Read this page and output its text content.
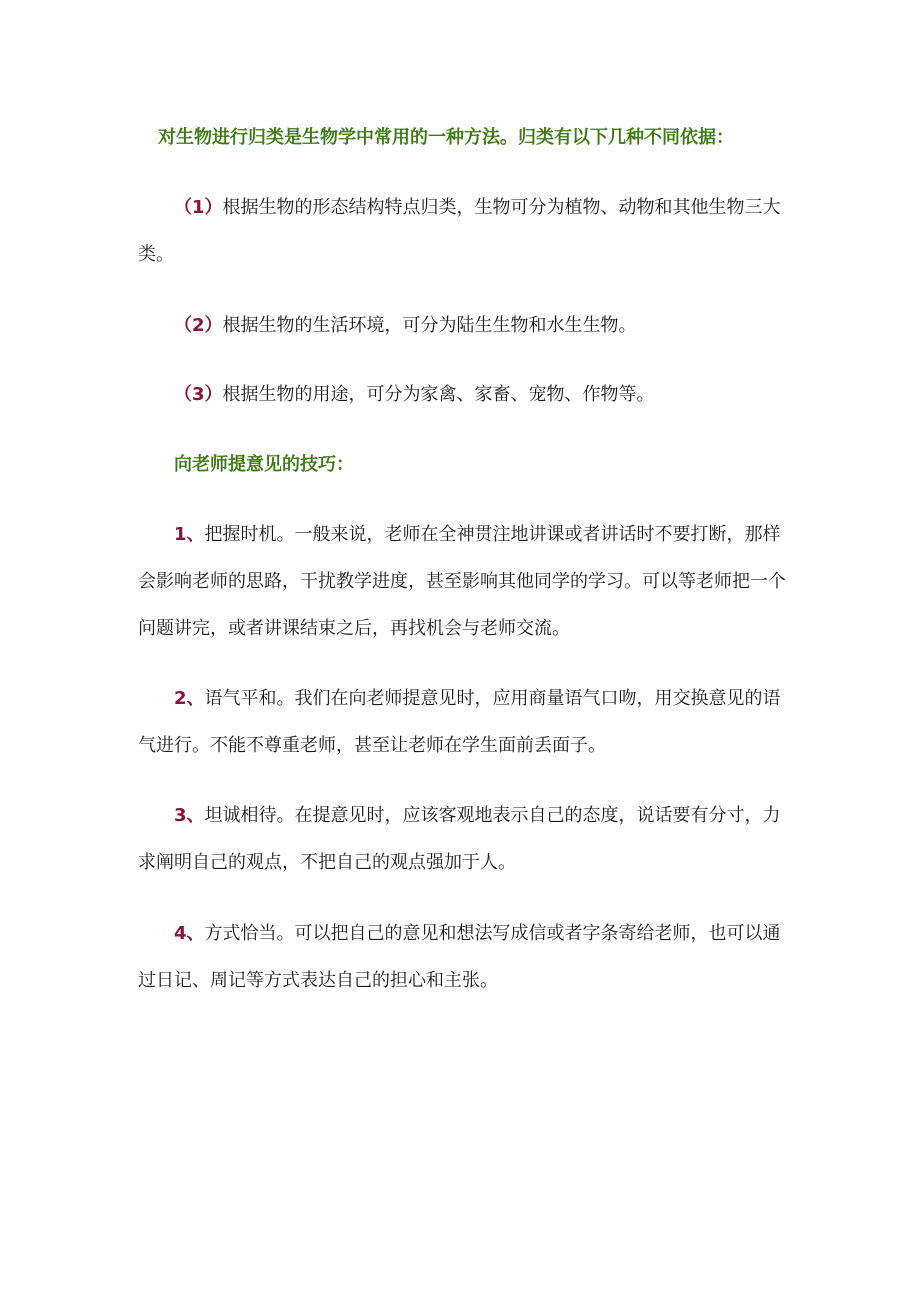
对生物进行归类是生物学中常用的一种方法。归类有以下几种不同依据：

（1）根据生物的形态结构特点归类，生物可分为植物、动物和其他生物三大类。

（2）根据生物的生活环境，可分为陆生生物和水生生物。

（3）根据生物的用途，可分为家禽、家畜、宠物、作物等。

向老师提意见的技巧：

1、把握时机。一般来说，老师在全神贯注地讲课或者讲话时不要打断，那样会影响老师的思路，干扰教学进度，甚至影响其他同学的学习。可以等老师把一个问题讲完，或者讲课结束之后，再找机会与老师交流。

2、语气平和。我们在向老师提意见时，应用商量语气口吻，用交换意见的语气进行。不能不尊重老师，甚至让老师在学生面前丢面子。

3、坦诚相待。在提意见时，应该客观地表示自己的态度，说话要有分寸，力求阐明自己的观点，不把自己的观点强加于人。

4、方式恰当。可以把自己的意见和想法写成信或者字条寄给老师，也可以通过日记、周记等方式表达自己的担心和主张。
